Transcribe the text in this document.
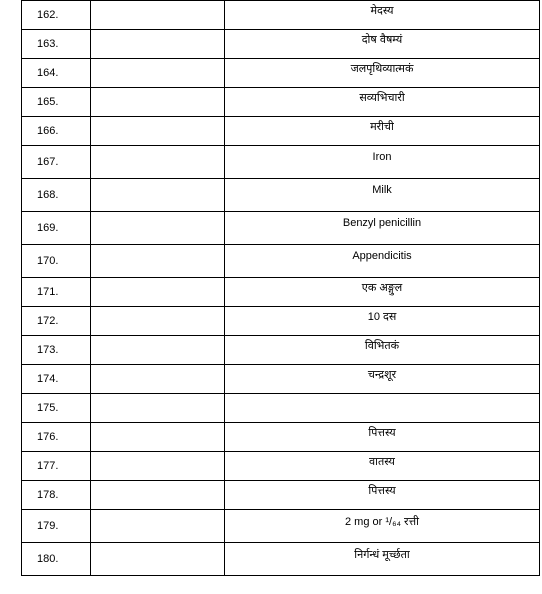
162.		मेदस्य
163.		दोष वैषम्यं
164.		जलपृथिव्यात्मकं
165.		सव्यभिचारी
166.		मरीची
167.		Iron
168.		Milk
169.		Benzyl penicillin
170.		Appendicitis
171.		एक अङ्गुल
172.		10 दस
173.		विभितकं
174.		चन्द्रशूर
175.		
176.		पित्तस्य
177.		वातस्य
178.		पित्तस्य
179.		2 mg or ¹/₆₄ रत्ती
180.		निर्गन्धं मूर्च्छता
